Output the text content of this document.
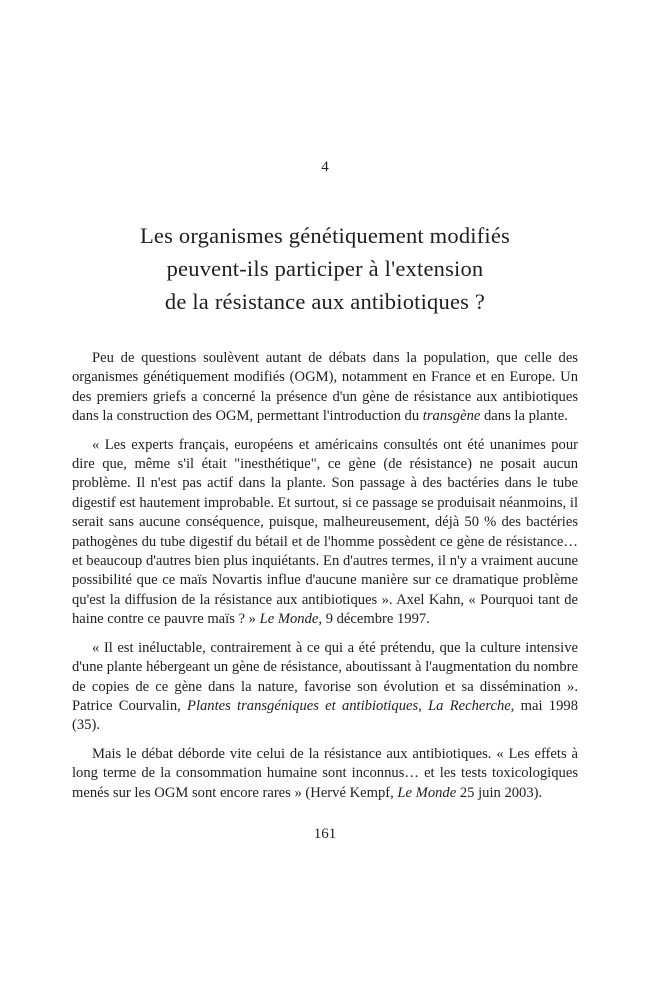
4
Les organismes génétiquement modifiés
peuvent-ils participer à l'extension
de la résistance aux antibiotiques ?

Peu de questions soulèvent autant de débats dans la population, que celle des organismes génétiquement modifiés (OGM), notamment en France et en Europe. Un des premiers griefs a concerné la présence d'un gène de résistance aux antibiotiques dans la construction des OGM, permettant l'introduction du transgène dans la plante.

« Les experts français, européens et américains consultés ont été unanimes pour dire que, même s'il était "inesthétique", ce gène (de résistance) ne posait aucun problème. Il n'est pas actif dans la plante. Son passage à des bactéries dans le tube digestif est hautement improbable. Et surtout, si ce passage se produisait néanmoins, il serait sans aucune conséquence, puisque, malheureusement, déjà 50 % des bactéries pathogènes du tube digestif du bétail et de l'homme possèdent ce gène de résistance… et beaucoup d'autres bien plus inquiétants. En d'autres termes, il n'y a vraiment aucune possibilité que ce maïs Novartis influe d'aucune manière sur ce dramatique problème qu'est la diffusion de la résistance aux antibiotiques ». Axel Kahn, « Pourquoi tant de haine contre ce pauvre maïs ? » Le Monde, 9 décembre 1997.

« Il est inéluctable, contrairement à ce qui a été prétendu, que la culture intensive d'une plante hébergeant un gène de résistance, aboutissant à l'augmentation du nombre de copies de ce gène dans la nature, favorise son évolution et sa dissémination ». Patrice Courvalin, Plantes transgéniques et antibiotiques, La Recherche, mai 1998 (35).

Mais le débat déborde vite celui de la résistance aux antibiotiques. « Les effets à long terme de la consommation humaine sont inconnus… et les tests toxicologiques menés sur les OGM sont encore rares » (Hervé Kempf, Le Monde 25 juin 2003).

161
